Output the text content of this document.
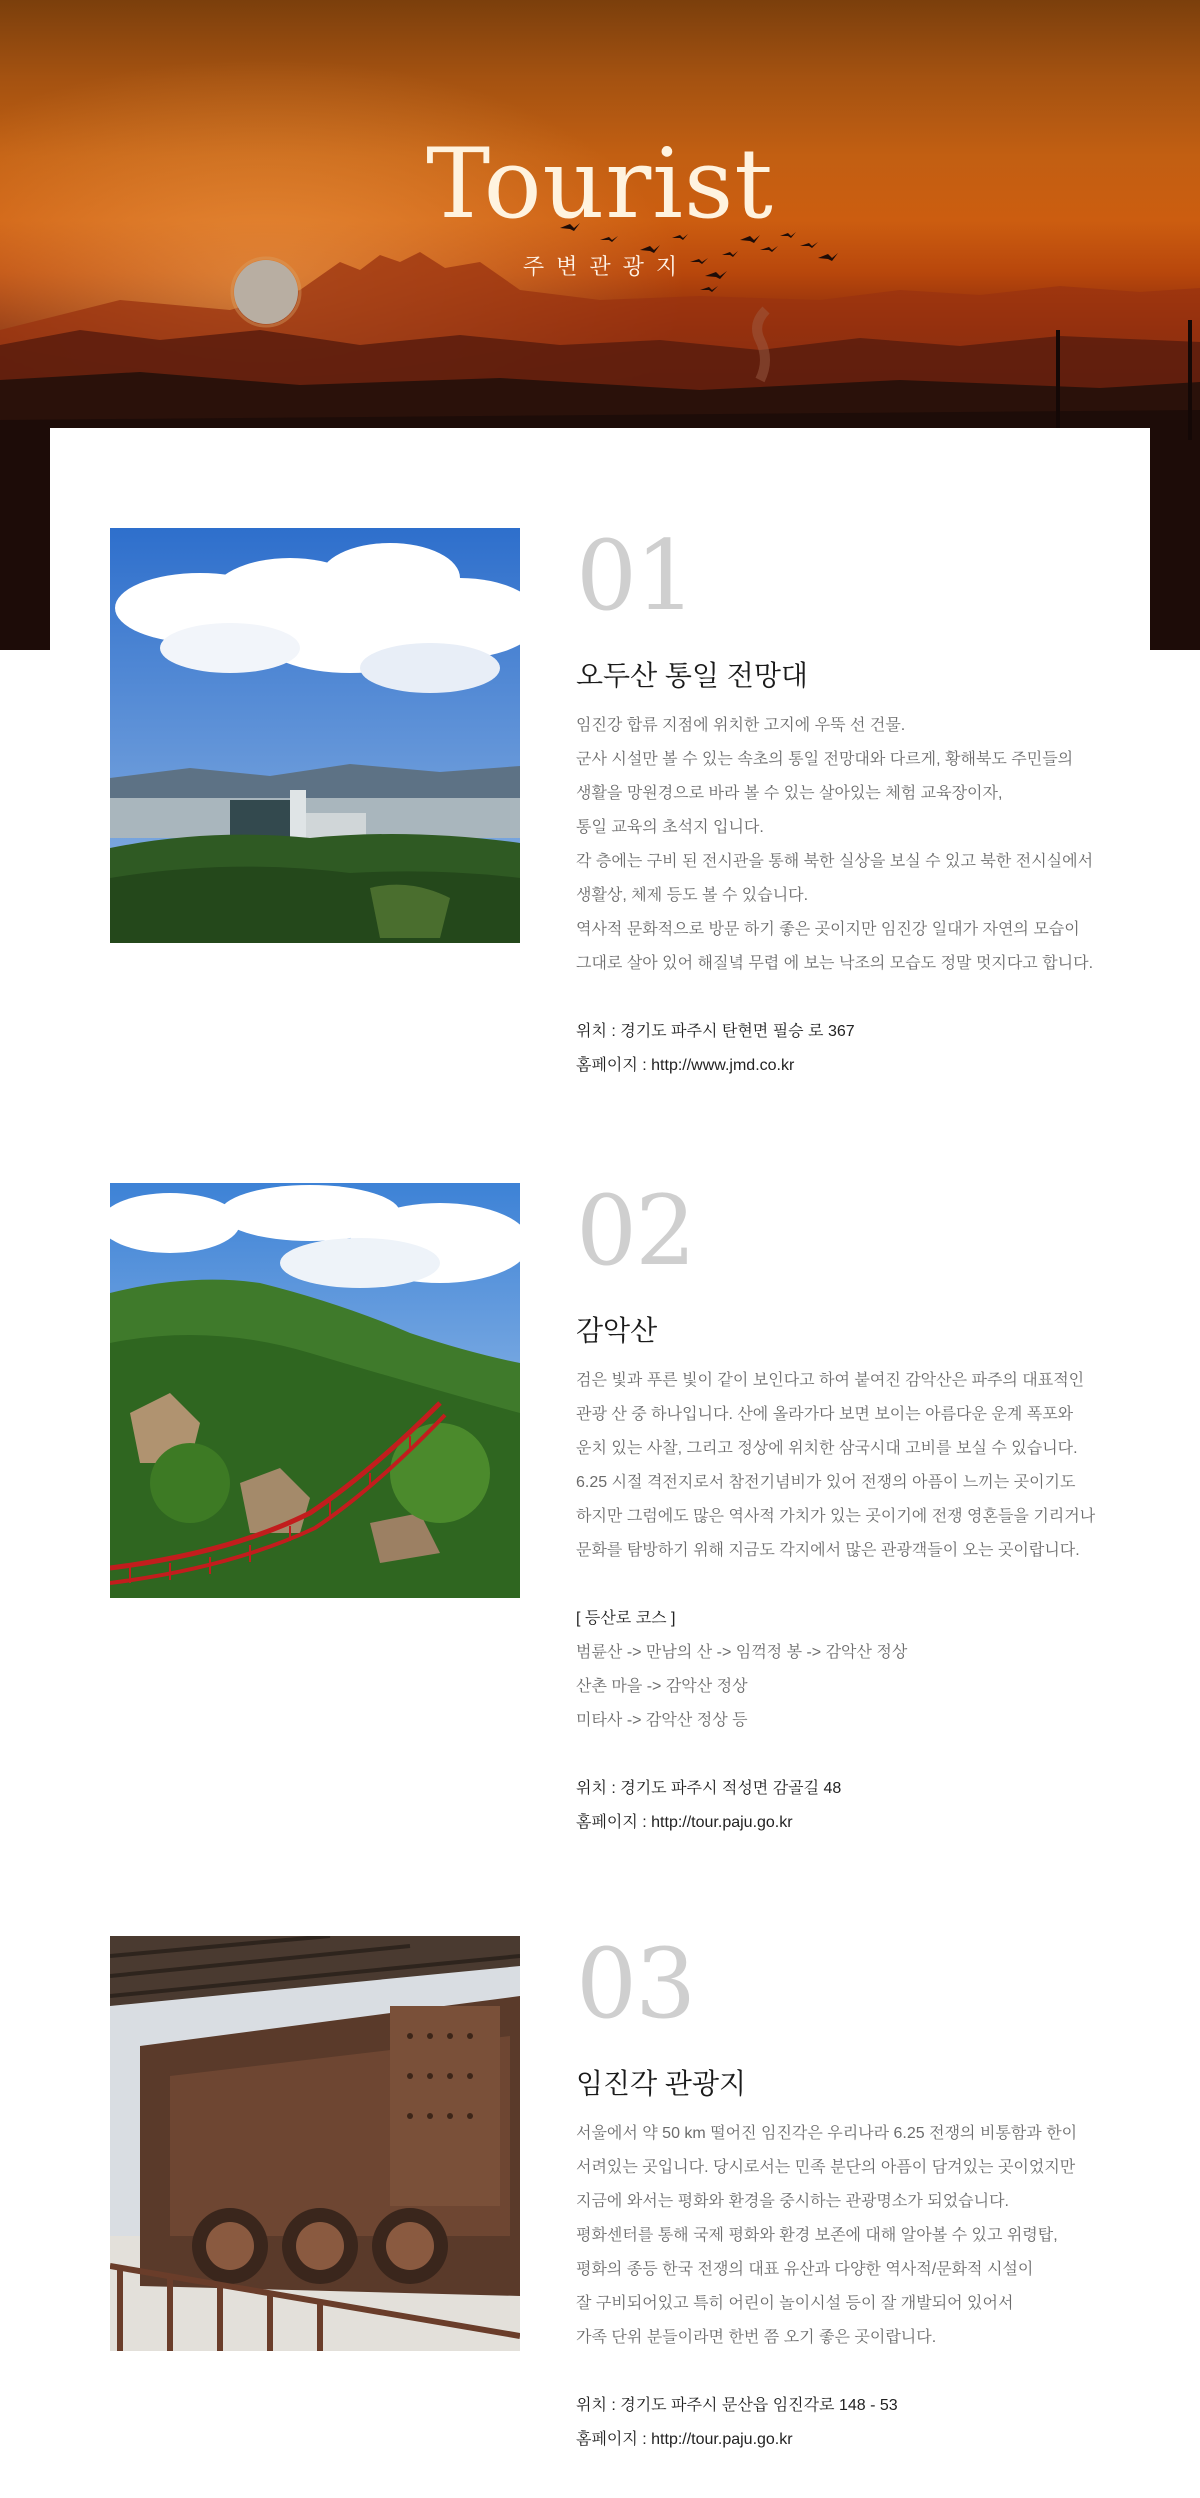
Tourist
주변관광지
01
오두산 통일 전망대

임진강 합류 지점에 위치한 고지에 우뚝 선 건물.

군사 시설만 볼 수 있는 속초의 통일 전망대와 다르게, 황해북도 주민들의

생활을 망원경으로 바라 볼 수 있는 살아있는 체험 교육장이자,

통일 교육의 초석지 입니다.

각 층에는 구비 된 전시관을 통해 북한 실상을 보실 수 있고 북한 전시실에서

생활상, 체제 등도 볼 수 있습니다.

역사적 문화적으로 방문 하기 좋은 곳이지만 임진강 일대가 자연의 모습이

그대로 살아 있어 해질녘 무렵 에 보는 낙조의 모습도 정말 멋지다고 합니다.

위치 : 경기도 파주시 탄현면 필승 로 367

홈페이지 : http://www.jmd.co.kr

02
감악산

검은 빛과 푸른 빛이 같이 보인다고 하여 붙여진 감악산은 파주의 대표적인

관광 산 중 하나입니다. 산에 올라가다 보면 보이는 아름다운 운계 폭포와

운치 있는 사찰, 그리고 정상에 위치한 삼국시대 고비를 보실 수 있습니다.

6.25 시절 격전지로서 참전기념비가 있어 전쟁의 아픔이 느끼는 곳이기도

하지만 그럼에도 많은 역사적 가치가 있는 곳이기에 전쟁 영혼들을 기리거나

문화를 탐방하기 위해 지금도 각지에서 많은 관광객들이 오는 곳이랍니다.

[ 등산로 코스 ]

범륜산 -> 만남의 산 -> 임꺽정 봉 -> 감악산 정상

산촌 마을 -> 감악산 정상

미타사 -> 감악산 정상 등

위치 : 경기도 파주시 적성면 감골길 48

홈페이지 : http://tour.paju.go.kr

03
임진각 관광지

서울에서 약 50 km 떨어진 임진각은 우리나라 6.25 전쟁의 비통함과 한이

서려있는 곳입니다. 당시로서는 민족 분단의 아픔이 담겨있는 곳이었지만

지금에 와서는 평화와 환경을 중시하는 관광명소가 되었습니다.

평화센터를 통해 국제 평화와 환경 보존에 대해 알아볼 수 있고 위령탑,

평화의 종등 한국 전쟁의 대표 유산과 다양한 역사적/문화적 시설이

잘 구비되어있고 특히 어린이 놀이시설 등이 잘 개발되어 있어서

가족 단위 분들이라면 한번 쯤 오기 좋은 곳이랍니다.

위치 : 경기도 파주시 문산읍 임진각로 148 - 53

홈페이지 : http://tour.paju.go.kr
